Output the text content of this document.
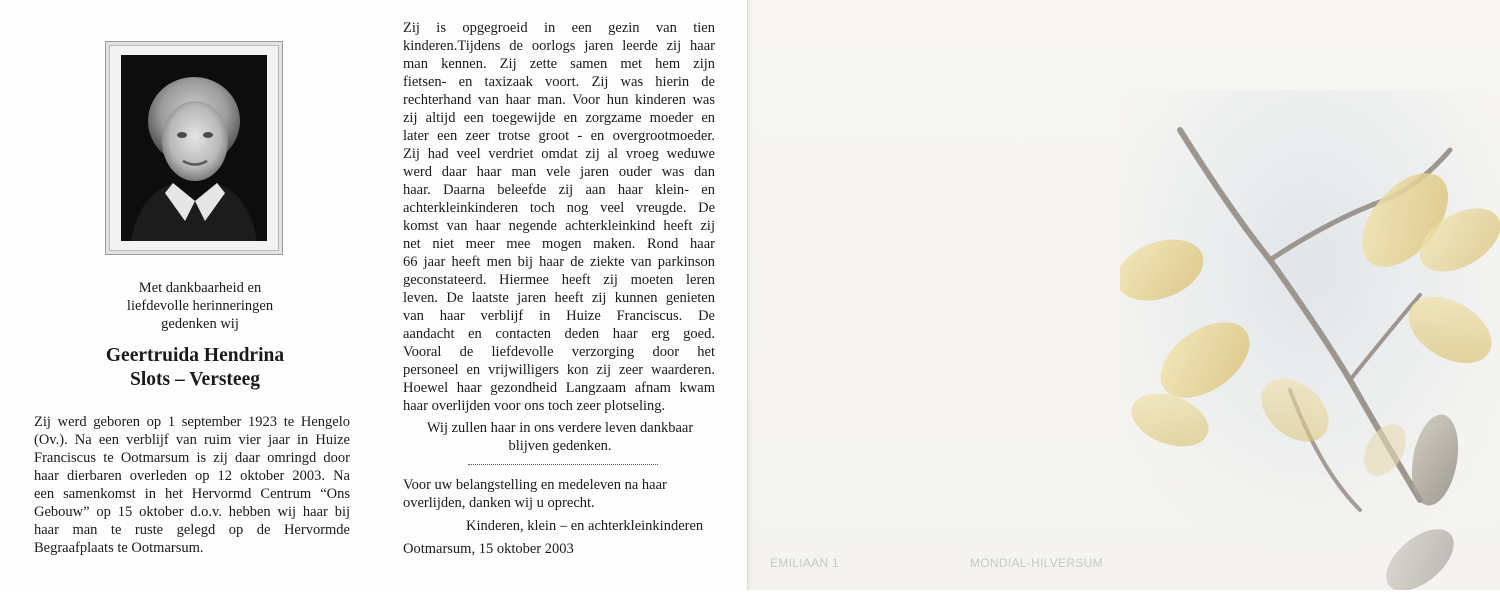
Met dankbaarheid en
liefdevolle herinneringen
gedenken wij
Geertruida Hendrina
Slots – Versteeg
Zij werd geboren op 1 september 1923 te Hengelo
(Ov.). Na een verblijf van ruim vier jaar in Huize
Franciscus te Ootmarsum is zij daar omringd door
haar dierbaren overleden op 12 oktober 2003. Na
een samenkomst in het Hervormd Centrum “Ons
Gebouw” op 15 oktober d.o.v. hebben wij haar bij
haar man te ruste gelegd op de Hervormde
Begraafplaats te Ootmarsum.
Zij is opgegroeid in een gezin van tien
kinderen.Tijdens de oorlogs jaren leerde zij haar
man kennen. Zij zette samen met hem zijn
fietsen- en taxizaak voort. Zij was hierin de
rechterhand van haar man. Voor hun kinderen was
zij altijd een toegewijde en zorgzame moeder en
later een zeer trotse groot - en overgrootmoeder.
Zij had veel verdriet omdat zij al vroeg weduwe
werd daar haar man vele jaren ouder was dan
haar. Daarna beleefde zij aan haar klein- en
achterkleinkinderen toch nog veel vreugde. De
komst van haar negende achterkleinkind heeft zij
net niet meer mee mogen maken. Rond haar
66 jaar heeft men bij haar de ziekte van parkinson
geconstateerd. Hiermee heeft zij moeten leren
leven. De laatste jaren heeft zij kunnen genieten
van haar verblijf in Huize Franciscus. De
aandacht en contacten deden haar erg goed.
Vooral de liefdevolle verzorging door het
personeel en vrijwilligers kon zij zeer waarderen.
Hoewel haar gezondheid Langzaam afnam kwam
haar overlijden voor ons toch zeer plotseling.
Wij zullen haar in ons verdere leven dankbaar
blijven gedenken.
Voor uw belangstelling en medeleven na haar
overlijden, danken wij u oprecht.
Kinderen, klein – en achterkleinkinderen
Ootmarsum, 15 oktober 2003
EMILIAAN 1	MONDIAL-HILVERSUM
